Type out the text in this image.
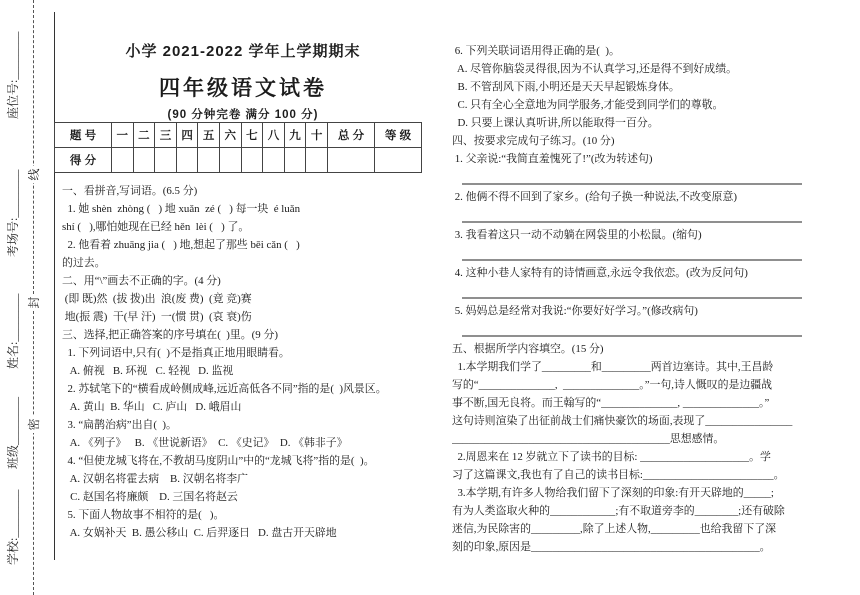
学校:________
班级________
姓名:________
考场号:________
座位号:________
密
封
线
小学 2021-2022 学年上学期期末
四年级语文试卷
(90 分钟完卷 满分 100 分)
题 号	一	二	三	四	五	六	七	八	九	十	总 分	等 级
得 分												
一、看拼音,写词语。(6.5 分)
1. 她 shèn  zhòng (   ) 地 xuǎn  zé (   ) 每一块  é luǎn
shí (   ),哪怕她现在已经 hěn  lèi (   ) 了。
2. 他看着 zhuāng jia (   ) 地,想起了那些 bēi cǎn (   )
的过去。
二、用“\”画去不正确的字。(4 分)
(即 既)然  (拔 拨)出  浪(废 费)  (竟 竞)赛
地(振 震)  干(早 汗)  一(惯 贯)  (哀 衰)伤
三、选择,把正确答案的序号填在(  )里。(9 分)
1. 下列词语中,只有(  )不是指真正地用眼睛看。
A. 俯视   B. 环视   C. 轻视   D. 监视
2. 苏轼笔下的“横看成岭侧成峰,远近高低各不同”指的是(  )风景区。
A. 黄山  B. 华山   C. 庐山   D. 峨眉山
3. “扁鹊治病”出自(  )。
A. 《列子》   B. 《世说新语》  C. 《史记》  D. 《韩非子》
4. “但使龙城飞将在,不教胡马度阴山”中的“龙城飞将”指的是(  )。
A. 汉朝名将霍去病    B. 汉朝名将李广
C. 赵国名将廉颇    D. 三国名将赵云
5. 下面人物故事不相符的是(   )。
A. 女娲补天  B. 愚公移山  C. 后羿逐日   D. 盘古开天辟地
6. 下列关联词语用得正确的是(  )。
A. 尽管你脑袋灵得很,因为不认真学习,还是得不到好成绩。
B. 不管刮风下雨,小明还是天天早起锻炼身体。
C. 只有全心全意地为同学服务,才能受到同学们的尊敬。
D. 只要上课认真听讲,所以能取得一百分。
四、按要求完成句子练习。(10 分)
1. 父亲说:“我简直羞愧死了!”(改为转述句)
2. 他俩不得不回到了家乡。(给句子换一种说法,不改变原意)
3. 我看着这只一动不动躺在网袋里的小松鼠。(缩句)
4. 这种小巷人家特有的诗情画意,永远令我依恋。(改为反问句)
5. 妈妈总是经常对我说:“你要好好学习。”(修改病句)
五、根据所学内容填空。(15 分)
1.本学期我们学了_________和_________两首边塞诗。其中,王昌龄
写的“______________,  ______________。”一句,诗人慨叹的是边疆战
事不断,国无良将。而王翰写的“______________, ______________。”
这句诗则渲染了出征前战士们痛快豪饮的场面,表现了________________
________________________________________思想感情。
2.周恩来在 12 岁就立下了读书的目标: ____________________。学
习了这篇课文,我也有了自己的读书目标:________________________。
3.本学期,有许多人物给我们留下了深刻的印象:有开天辟地的_____;
有为人类盗取火种的____________;有不取道旁李的________;还有破除
迷信,为民除害的_________,除了上述人物,_________也给我留下了深
刻的印象,原因是__________________________________________。
